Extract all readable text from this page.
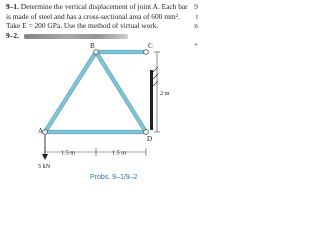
9–1. Determine the vertical displacement of joint A. Each bar is made of steel and has a cross-sectional area of 600 mm². Take E = 200 GPa. Use the method of virtual work.

9–2.
9
t
n
+
B	C
A
D
2 m
1.5 m	1.5 m
5 kN
Probs. 9–1/9–2
